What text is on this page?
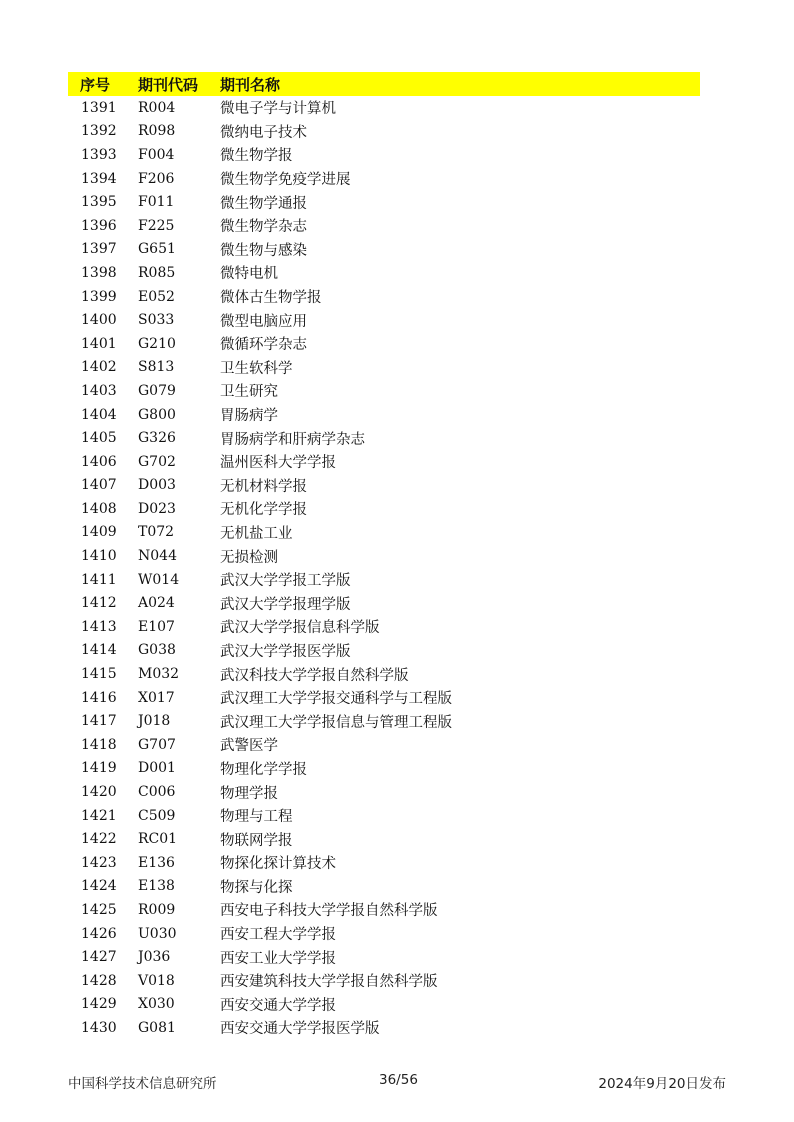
序号	期刊代码	期刊名称
1391	R004	微电子学与计算机
1392	R098	微纳电子技术
1393	F004	微生物学报
1394	F206	微生物学免疫学进展
1395	F011	微生物学通报
1396	F225	微生物学杂志
1397	G651	微生物与感染
1398	R085	微特电机
1399	E052	微体古生物学报
1400	S033	微型电脑应用
1401	G210	微循环学杂志
1402	S813	卫生软科学
1403	G079	卫生研究
1404	G800	胃肠病学
1405	G326	胃肠病学和肝病学杂志
1406	G702	温州医科大学学报
1407	D003	无机材料学报
1408	D023	无机化学学报
1409	T072	无机盐工业
1410	N044	无损检测
1411	W014	武汉大学学报工学版
1412	A024	武汉大学学报理学版
1413	E107	武汉大学学报信息科学版
1414	G038	武汉大学学报医学版
1415	M032	武汉科技大学学报自然科学版
1416	X017	武汉理工大学学报交通科学与工程版
1417	J018	武汉理工大学学报信息与管理工程版
1418	G707	武警医学
1419	D001	物理化学学报
1420	C006	物理学报
1421	C509	物理与工程
1422	RC01	物联网学报
1423	E136	物探化探计算技术
1424	E138	物探与化探
1425	R009	西安电子科技大学学报自然科学版
1426	U030	西安工程大学学报
1427	J036	西安工业大学学报
1428	V018	西安建筑科技大学学报自然科学版
1429	X030	西安交通大学学报
1430	G081	西安交通大学学报医学版
中国科学技术信息研究所	36/56	2024年9月20日发布
